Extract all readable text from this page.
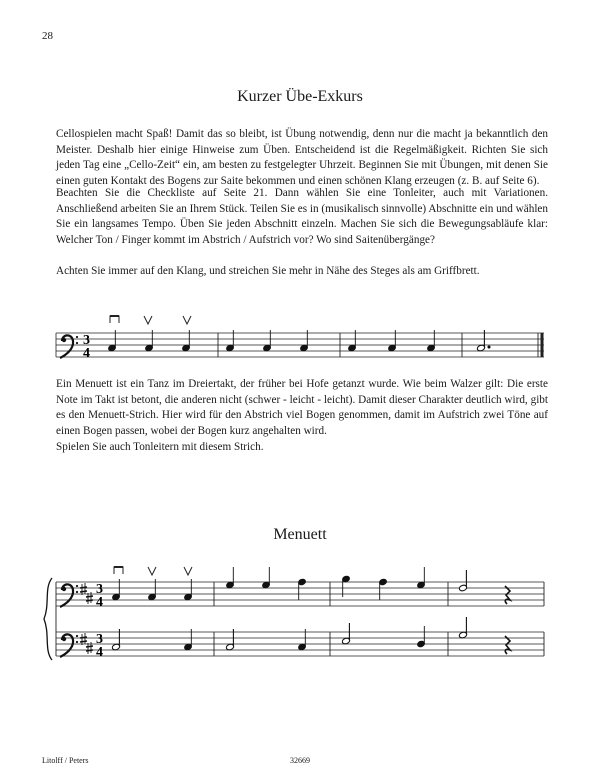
28
Kurzer Übe-Exkurs

Cellospielen macht Spaß! Damit das so bleibt, ist Übung notwendig, denn nur die macht ja bekanntlich den Meister. Deshalb hier einige Hinweise zum Üben. Entscheidend ist die Regelmäßigkeit. Richten Sie sich jeden Tag eine „Cello-Zeit“ ein, am besten zu festgelegter Uhrzeit. Beginnen Sie mit Übungen, mit denen Sie einen guten Kontakt des Bogens zur Saite bekommen und einen schönen Klang erzeugen (z. B. auf Seite 6).

Beachten Sie die Checkliste auf Seite 21. Dann wählen Sie eine Tonleiter, auch mit Variationen. Anschließend arbeiten Sie an Ihrem Stück. Teilen Sie es in (musikalisch sinnvolle) Abschnitte ein und wählen Sie ein langsames Tempo. Üben Sie jeden Abschnitt einzeln. Machen Sie sich die Bewegungsabläufe klar: Welcher Ton / Finger kommt im Abstrich / Aufstrich vor? Wo sind Saitenübergänge?

Achten Sie immer auf den Klang, und streichen Sie mehr in Nähe des Steges als am Griffbrett.

3
4

Ein Menuett ist ein Tanz im Dreiertakt, der früher bei Hofe getanzt wurde. Wie beim Walzer gilt: Die erste Note im Takt ist betont, die anderen nicht (schwer - leicht - leicht). Damit dieser Charakter deutlich wird, gibt es den Menuett-Strich. Hier wird für den Abstrich viel Bogen genommen, damit im Aufstrich zwei Töne auf einen Bogen passen, wobei der Bogen kurz angehalten wird.

Spielen Sie auch Tonleitern mit diesem Strich.

Menuett
3
4
3
4
Litolff / Peters	32669
